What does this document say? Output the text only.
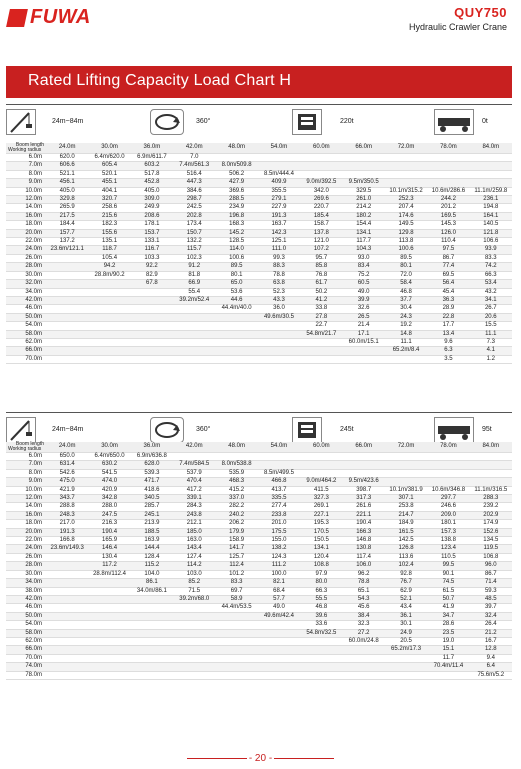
FUWA	QUY750
Hydraulic Crawler Crane
Rated Lifting Capacity Load Chart H
24m~84m	360°	220t	0t
Boom length
Working radius	24.0m	30.0m	36.0m	42.0m	48.0m	54.0m	60.0m	66.0m	72.0m	78.0m	84.0m
6.0m	620.0	6.4m/620.0	6.9m/611.7	7.0							
7.0m	606.6	605.4	603.2	7.4m/561.3	8.0m/509.8						
8.0m	521.1	520.1	517.8	516.4	506.2	8.5m/444.4					
9.0m	456.1	455.1	452.8	447.3	427.9	409.9	9.0m/392.5	9.5m/350.5			
10.0m	405.0	404.1	405.0	384.6	369.6	355.5	342.0	329.5	10.1m/315.2	10.6m/286.6	11.1m/259.8
12.0m	329.8	320.7	309.0	298.7	288.5	279.1	269.6	261.0	252.3	244.2	236.1
14.0m	265.9	258.6	249.9	242.5	234.9	227.9	220.7	214.2	207.4	201.2	194.8
16.0m	217.5	215.6	208.6	202.8	196.8	191.3	185.4	180.2	174.6	169.5	164.1
18.0m	184.4	182.3	178.1	173.4	168.3	163.7	158.7	154.4	149.5	145.3	140.5
20.0m	157.7	155.6	153.7	150.7	145.2	142.3	137.8	134.1	129.8	126.0	121.8
22.0m	137.2	135.1	133.1	132.2	128.5	125.1	121.0	117.7	113.8	110.4	106.6
24.0m	23.6m/121.1	118.7	116.7	115.7	114.0	111.0	107.2	104.3	100.6	97.5	93.9
26.0m		105.4	103.3	102.3	100.6	99.3	95.7	93.0	89.5	86.7	83.3
28.0m		94.2	92.2	91.2	89.5	88.3	85.8	83.4	80.1	77.4	74.2
30.0m		28.8m/90.2	82.9	81.8	80.1	78.8	76.8	75.2	72.0	69.5	66.3
32.0m			67.8	66.9	65.0	63.8	61.7	60.5	58.4	56.4	53.4
34.0m				55.4	53.6	52.3	50.2	49.0	46.8	45.4	43.2
42.0m				39.2m/52.4	44.6	43.3	41.2	39.9	37.7	36.3	34.1
46.0m					44.4m/40.0	36.0	33.8	32.6	30.4	28.9	26.7
50.0m						49.6m/30.5	27.8	26.5	24.3	22.8	20.6
54.0m							22.7	21.4	19.2	17.7	15.5
58.0m							54.8m/21.7	17.1	14.8	13.4	11.1
62.0m								60.0m/15.1	11.1	9.6	7.3
66.0m									65.2m/8.4	6.3	4.1
70.0m										3.5	1.2
24m~84m	360°	245t	95t
Boom length
Working radius	24.0m	30.0m	36.0m	42.0m	48.0m	54.0m	60.0m	66.0m	72.0m	78.0m	84.0m
6.0m	650.0	6.4m/650.0	6.9m/636.8								
7.0m	631.4	630.2	628.0	7.4m/584.5	8.0m/538.8						
8.0m	542.6	541.5	539.3	537.9	535.9	8.5m/499.5					
9.0m	475.0	474.0	471.7	470.4	468.3	466.8	9.0m/464.2	9.5m/423.6			
10.0m	421.9	420.9	418.6	417.2	415.2	413.7	411.5	398.7	10.1m/381.9	10.6m/346.8	11.1m/316.5
12.0m	343.7	342.8	340.5	339.1	337.0	335.5	327.3	317.3	307.1	297.7	288.3
14.0m	288.8	288.0	285.7	284.3	282.2	277.4	269.1	261.6	253.8	246.6	239.2
16.0m	248.3	247.5	245.1	243.8	240.2	233.8	227.1	221.1	214.7	209.0	202.9
18.0m	217.0	216.3	213.9	212.1	206.2	201.0	195.3	190.4	184.9	180.1	174.9
20.0m	191.3	190.4	188.5	185.0	179.9	175.5	170.5	166.3	161.5	157.3	152.6
22.0m	166.8	165.9	163.9	163.0	158.9	155.0	150.5	146.8	142.5	138.8	134.5
24.0m	23.6m/149.3	146.4	144.4	143.4	141.7	138.2	134.1	130.8	126.8	123.4	119.5
26.0m		130.4	128.4	127.4	125.7	124.3	120.4	117.4	113.6	110.5	106.8
28.0m		117.2	115.2	114.2	112.4	111.2	108.8	106.0	102.4	99.5	96.0
30.0m		28.8m/112.4	104.0	103.0	101.2	100.0	97.9	96.2	92.8	90.1	86.7
34.0m			86.1	85.2	83.3	82.1	80.0	78.8	76.7	74.5	71.4
38.0m			34.0m/86.1	71.5	69.7	68.4	66.3	65.1	62.9	61.5	59.3
42.0m				39.2m/68.0	58.9	57.7	55.5	54.3	52.1	50.7	48.5
46.0m					44.4m/53.5	49.0	46.8	45.6	43.4	41.9	39.7
50.0m						49.6m/42.4	39.6	38.4	36.1	34.7	32.4
54.0m							33.6	32.3	30.1	28.6	26.4
58.0m							54.8m/32.5	27.2	24.9	23.5	21.2
62.0m								60.0m/24.8	20.5	19.0	16.7
66.0m									65.2m/17.3	15.1	12.8
70.0m										11.7	9.4
74.0m										70.4m/11.4	6.4
78.0m											75.6m/5.2
- 20 -
